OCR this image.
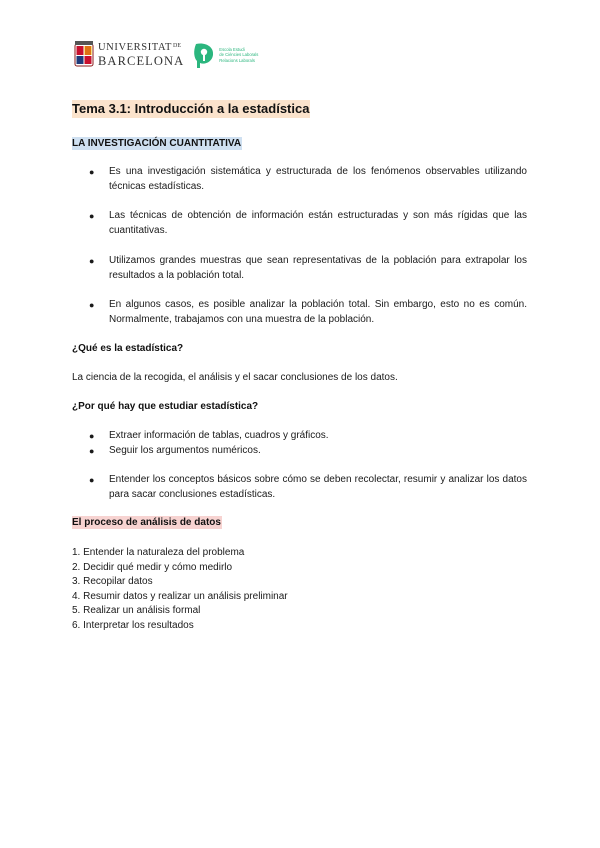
$UNIVERSITAT^{DE}$
BARCELONA
Escola Estudi
de Ciències Laborals
Relacions Laborals
Tema 3.1: Introducción a la estadística
LA INVESTIGACIÓN CUANTITATIVA
● Es una investigación sistemática y estructurada de los fenómenos observables utilizando técnicas estadísticas.
● Las técnicas de obtención de información están estructuradas y son más rígidas que las cuantitativas.
● Utilizamos grandes muestras que sean representativas de la población para extrapolar los resultados a la población total.
● En algunos casos, es posible analizar la población total. Sin embargo, esto no es común. Normalmente, trabajamos con una muestra de la población.
¿Qué es la estadística?
La ciencia de la recogida, el análisis y el sacar conclusiones de los datos.
¿Por qué hay que estudiar estadística?
● Extraer información de tablas, cuadros y gráficos.
● Seguir los argumentos numéricos.
● Entender los conceptos básicos sobre cómo se deben recolectar, resumir y analizar los datos para sacar conclusiones estadísticas.
El proceso de análisis de datos
1. Entender la naturaleza del problema
2. Decidir qué medir y cómo medirlo
3. Recopilar datos
4. Resumir datos y realizar un análisis preliminar
5. Realizar un análisis formal
6. Interpretar los resultados
